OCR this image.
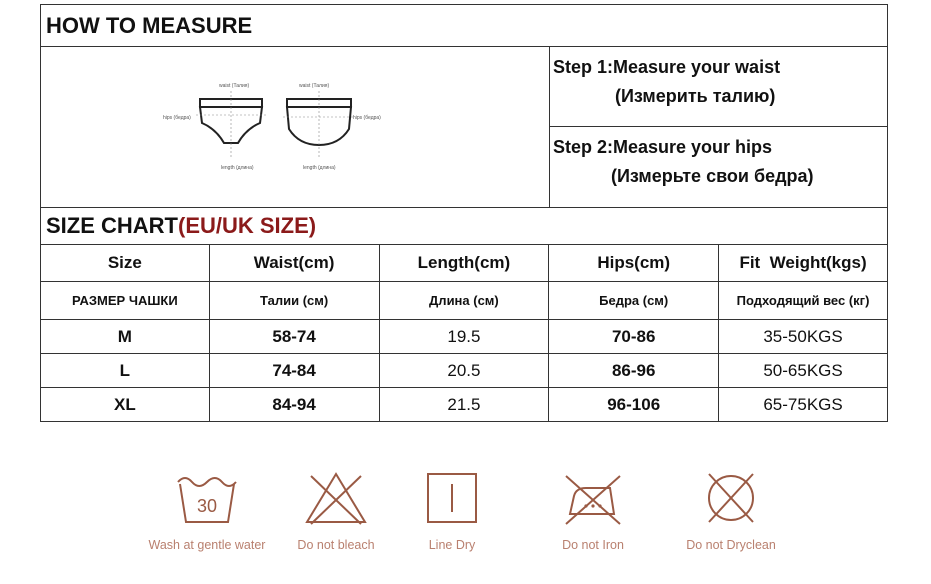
HOW TO MEASURE
waist (Талия)
hips (бедра)
length (длина)
waist (Талия)
hips (бедра)
length (длина)
Step 1:Measure your waist
(Измерить талию)
Step 2:Measure your hips
(Измерьте свои бедра)
SIZE CHART (EU/UK SIZE)
Size	Waist(cm)	Length(cm)	Hips(cm)	Fit  Weight(kgs)
РАЗМЕР ЧАШКИ	Талии (см)	Длина (см)	Бедра (см)	Подходящий вес (кг)
M	58-74	19.5	70-86	35-50KGS
L	74-84	20.5	86-96	50-65KGS
XL	84-94	21.5	96-106	65-75KGS
30
Wash at gentle water	Do not bleach	Line Dry	Do not Iron	Do not Dryclean
